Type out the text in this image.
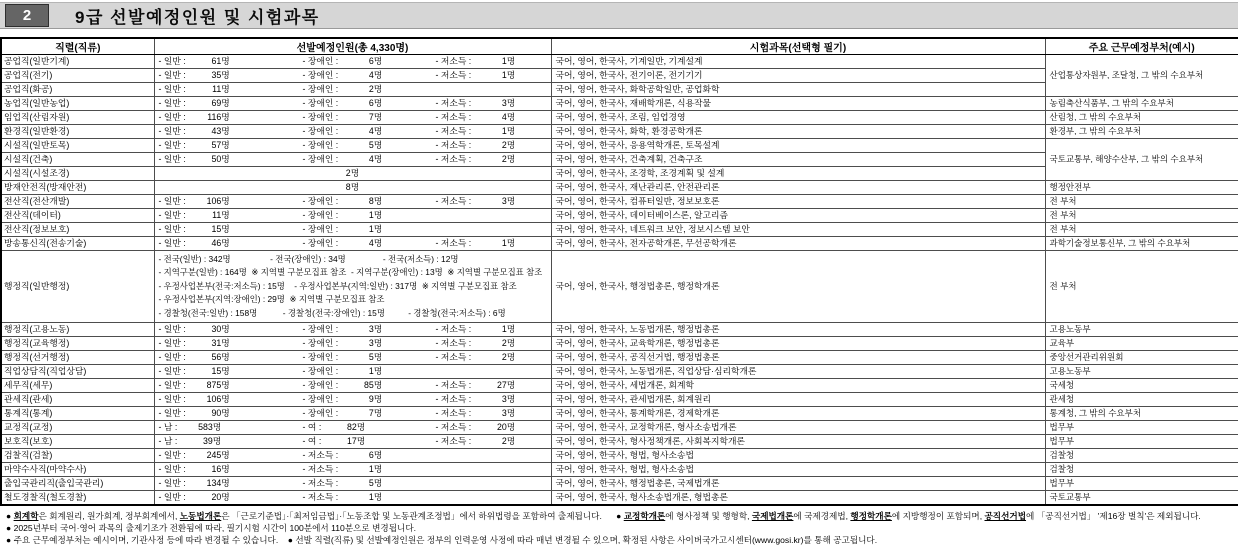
2	9급 선발예정인원 및 시험과목
직렬(직류)	선발예정인원(총 4,330명)	시험과목(선택형 필기)	주요 근무예정부처(예시)
공업직(일반기계)	- 일반 : 61명 - 장애인 : 6명 - 저소득 : 1명	국어, 영어, 한국사, 기계일반, 기계설계	산업통상자원부, 조달청, 그 밖의 수요부처
공업직(전기)	- 일반 : 35명 - 장애인 : 4명 - 저소득 : 1명	국어, 영어, 한국사, 전기이론, 전기기기	
공업직(화공)	- 일반 : 11명 - 장애인 : 2명	국어, 영어, 한국사, 화학공학일반, 공업화학	
농업직(일반농업)	- 일반 : 69명 - 장애인 : 6명 - 저소득 : 3명	국어, 영어, 한국사, 재배학개론, 식용작물	농림축산식품부, 그 밖의 수요부처
임업직(산림자원)	- 일반 : 116명 - 장애인 : 7명 - 저소득 : 4명	국어, 영어, 한국사, 조림, 임업경영	산림청, 그 밖의 수요부처
환경직(일반환경)	- 일반 : 43명 - 장애인 : 4명 - 저소득 : 1명	국어, 영어, 한국사, 화학, 환경공학개론	환경부, 그 밖의 수요부처
시설직(일반토목)	- 일반 : 57명 - 장애인 : 5명 - 저소득 : 2명	국어, 영어, 한국사, 응용역학개론, 토목설계	국토교통부, 해양수산부, 그 밖의 수요부처
시설직(건축)	- 일반 : 50명 - 장애인 : 4명 - 저소득 : 2명	국어, 영어, 한국사, 건축계획, 건축구조	
시설직(시설조경)	2명	국어, 영어, 한국사, 조경학, 조경계획 및 설계	
방재안전직(방재안전)	8명	국어, 영어, 한국사, 재난관리론, 안전관리론	행정안전부
전산직(전산개발)	- 일반 : 106명 - 장애인 : 8명 - 저소득 : 3명	국어, 영어, 한국사, 컴퓨터일반, 정보보호론	전 부처
전산직(데이터)	- 일반 : 11명 - 장애인 : 1명	국어, 영어, 한국사, 데이터베이스론, 알고리즘	전 부처
전산직(정보보호)	- 일반 : 15명 - 장애인 : 1명	국어, 영어, 한국사, 네트워크 보안, 정보시스템 보안	전 부처
방송통신직(전송기술)	- 일반 : 46명 - 장애인 : 4명 - 저소득 : 1명	국어, 영어, 한국사, 전자공학개론, 무선공학개론	과학기술정보통신부, 그 밖의 수요부처
행정직(일반행정)	- 전국(일반) : 342명                 - 전국(장애인) : 34명                - 전국(저소득) : 12명
- 지역구분(일반) : 164명  ※ 지역별 구분모집표 참조  - 지역구분(장애인) : 13명  ※ 지역별 구분모집표 참조
- 우정사업본부(전국:저소득) : 15명    - 우정사업본부(지역:일반) : 317명  ※ 지역별 구분모집표 참조
- 우정사업본부(지역:장애인) : 29명  ※ 지역별 구분모집표 참조
- 경찰청(전국:일반) : 158명           - 경찰청(전국:장애인) : 15명          - 경찰청(전국:저소득) : 6명	국어, 영어, 한국사, 행정법총론, 행정학개론	전 부처
행정직(고용노동)	- 일반 : 30명 - 장애인 : 3명 - 저소득 : 1명	국어, 영어, 한국사, 노동법개론, 행정법총론	고용노동부
행정직(교육행정)	- 일반 : 31명 - 장애인 : 3명 - 저소득 : 2명	국어, 영어, 한국사, 교육학개론, 행정법총론	교육부
행정직(선거행정)	- 일반 : 56명 - 장애인 : 5명 - 저소득 : 2명	국어, 영어, 한국사, 공직선거법, 행정법총론	중앙선거관리위원회
직업상담직(직업상담)	- 일반 : 15명 - 장애인 : 1명	국어, 영어, 한국사, 노동법개론, 직업상담·심리학개론	고용노동부
세무직(세무)	- 일반 : 875명 - 장애인 : 85명 - 저소득 : 27명	국어, 영어, 한국사, 세법개론, 회계학	국세청
관세직(관세)	- 일반 : 106명 - 장애인 : 9명 - 저소득 : 3명	국어, 영어, 한국사, 관세법개론, 회계원리	관세청
통계직(통계)	- 일반 : 90명 - 장애인 : 7명 - 저소득 : 3명	국어, 영어, 한국사, 통계학개론, 경제학개론	통계청, 그 밖의 수요부처
교정직(교정)	- 남 : 583명 - 여 : 82명 - 저소득 : 20명	국어, 영어, 한국사, 교정학개론, 형사소송법개론	법무부
보호직(보호)	- 남 : 39명 - 여 : 17명 - 저소득 : 2명	국어, 영어, 한국사, 형사정책개론, 사회복지학개론	법무부
검찰직(검찰)	- 일반 : 245명 - 저소득 : 6명	국어, 영어, 한국사, 형법, 형사소송법	검찰청
마약수사직(마약수사)	- 일반 : 16명 - 저소득 : 1명	국어, 영어, 한국사, 형법, 형사소송법	검찰청
출입국관리직(출입국관리)	- 일반 : 134명 - 저소득 : 5명	국어, 영어, 한국사, 행정법총론, 국제법개론	법무부
철도경찰직(철도경찰)	- 일반 : 20명 - 저소득 : 1명	국어, 영어, 한국사, 형사소송법개론, 형법총론	국토교통부
● 회계학은 회계원리, 원가회계, 정부회계에서, 노동법개론은 「근로기준법」·「최저임금법」·「노동조합 및 노동관계조정법」에서 하위법령을 포함하여 출제됩니다.      ● 교정학개론에 형사정책 및 행형학, 국제법개론에 국제경제법, 행정학개론에 지방행정이 포함되며, 공직선거법에 「공직선거법」 '제16장 벌칙'은 제외됩니다.
● 2025년부터 국어·영어 과목의 출제기조가 전환됨에 따라, 필기시험 시간이 100분에서 110분으로 변경됩니다.
● 주요 근무예정부처는 예시이며, 기관사정 등에 따라 변경될 수 있습니다.    ● 선발 직렬(직류) 및 선발예정인원은 정부의 인력운영 사정에 따라 매년 변경될 수 있으며, 확정된 사항은 사이버국가고시센터(www.gosi.kr)를 통해 공고됩니다.
